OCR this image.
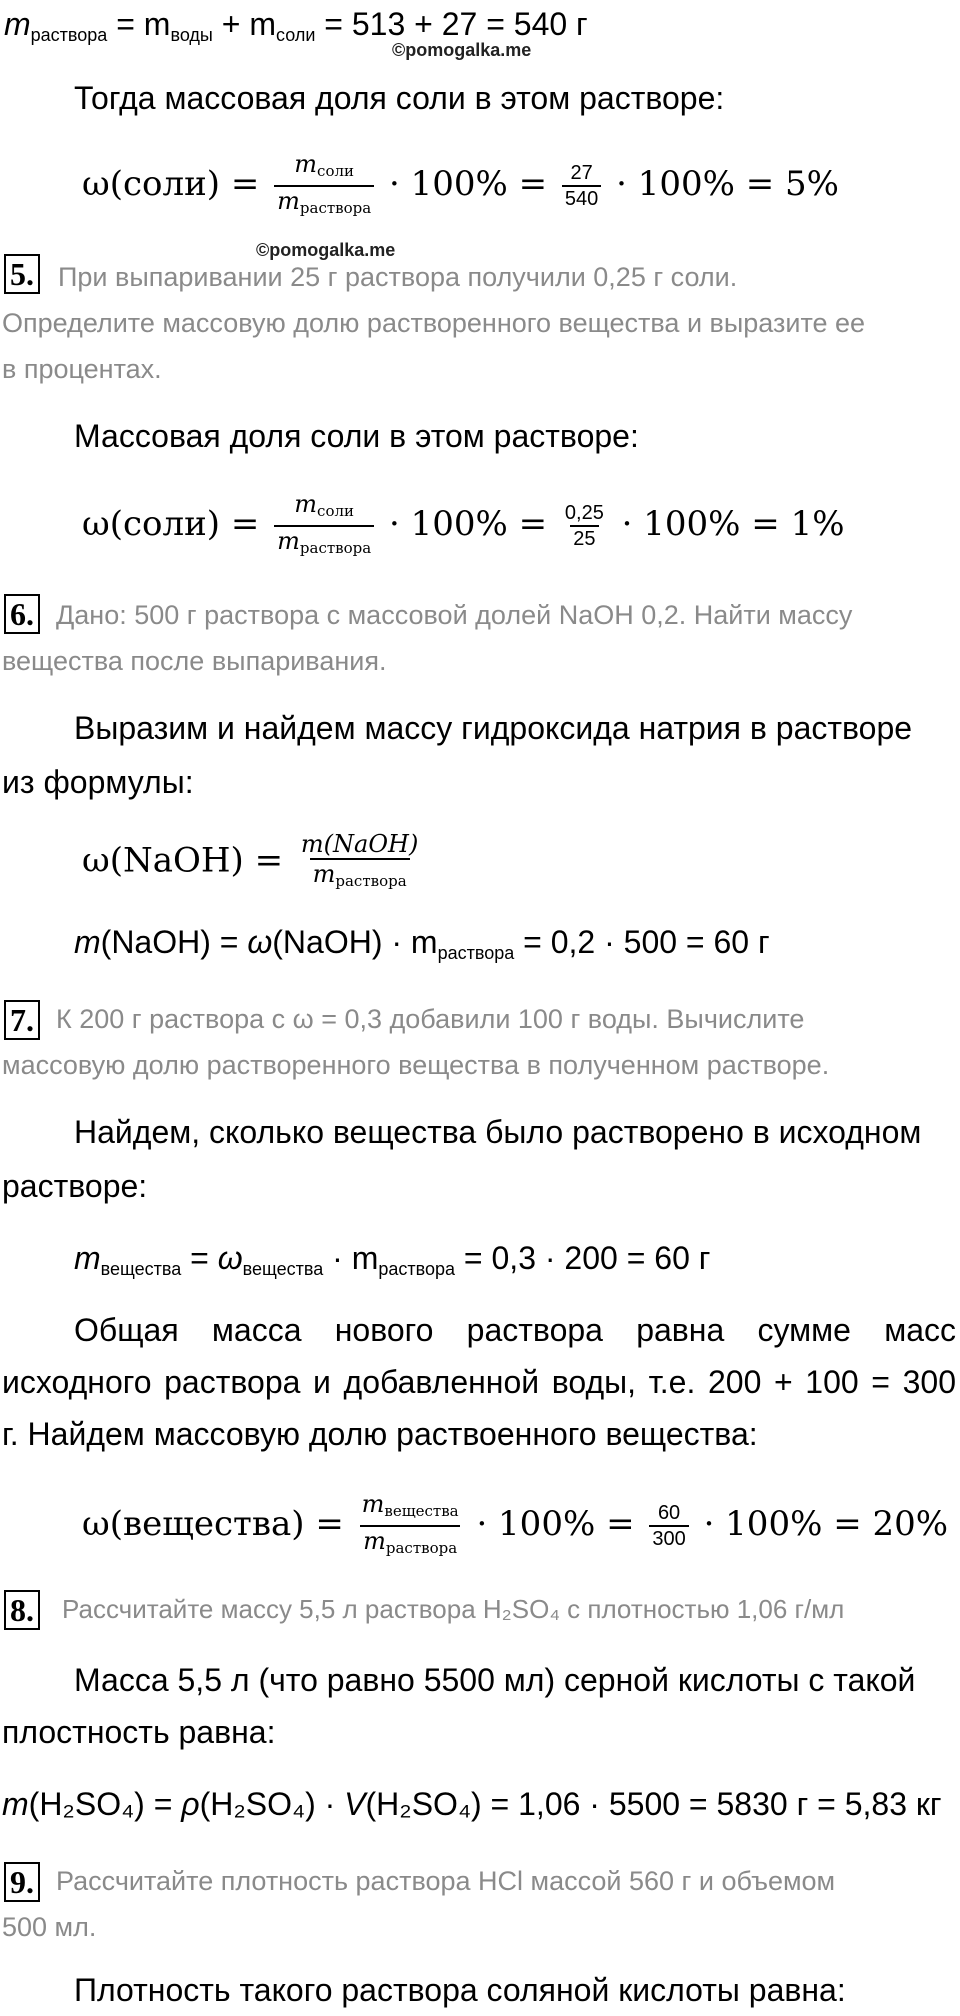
$m_{раствора} = m_{воды} + m_{соли} = 513 + 27 = 540$ г
©pomogalka.me
Тогда массовая доля соли в этом растворе:
ω(соли) = $\frac{\text{mсоли}}{\text{mраствора}} \cdot 100\% = \frac{27}{540} \cdot 100\% = 5\%$
©pomogalka.me
5. При выпаривании 25 г раствора получили 0,25 г соли.
Определите массовую долю растворенного вещества и выразите ее
в процентах.
Массовая доля соли в этом растворе:
ω(соли) = $\frac{\text{mсоли}}{\text{mраствора}} \cdot 100\% = \frac{0,25}{25} \cdot 100\% = 1\%$
6. Дано: 500 г раствора с массовой долей NaOH 0,2. Найти массу
вещества после выпаривания.
Выразим и найдем массу гидроксида натрия в растворе
из формулы:
ω(NaOH) = $\frac{\text{m(NaOH)}}{\text{mраствора}}$
m(NaOH) = ω(NaOH) · $m_{раствора} = 0,2 \cdot 500 = 60$ г
7. К 200 г раствора с ω = 0,3 добавили 100 г воды. Вычислите
массовую долю растворенного вещества в полученном растворе.
Найдем, сколько вещества было растворено в исходном
растворе:
$m_{вещества} = \omega_{вещества} \cdot m_{раствора} = 0,3 \cdot 200 = 60$ г
Общая масса нового раствора равна сумме масс
исходного раствора и добавленной воды, т.е. 200 + 100 = 300
г. Найдем массовую долю раствоенного вещества:
ω(вещества) = $\frac{\text{mвещества}}{\text{mраствора}} \cdot 100\% = \frac{60}{300} \cdot 100\% = 20\%$
8. Рассчитайте массу 5,5 л раствора H₂SO₄ с плотностью 1,06 г/мл
Масса 5,5 л (что равно 5500 мл) серной кислоты с такой
плостность равна:
m(H₂SO₄) = ρ(H₂SO₄) · V(H₂SO₄) = 1,06 · 5500 = 5830 г = 5,83 кг
9. Рассчитайте плотность раствора HCl массой 560 г и объемом
500 мл.
Плотность такого раствора соляной кислоты равна:
